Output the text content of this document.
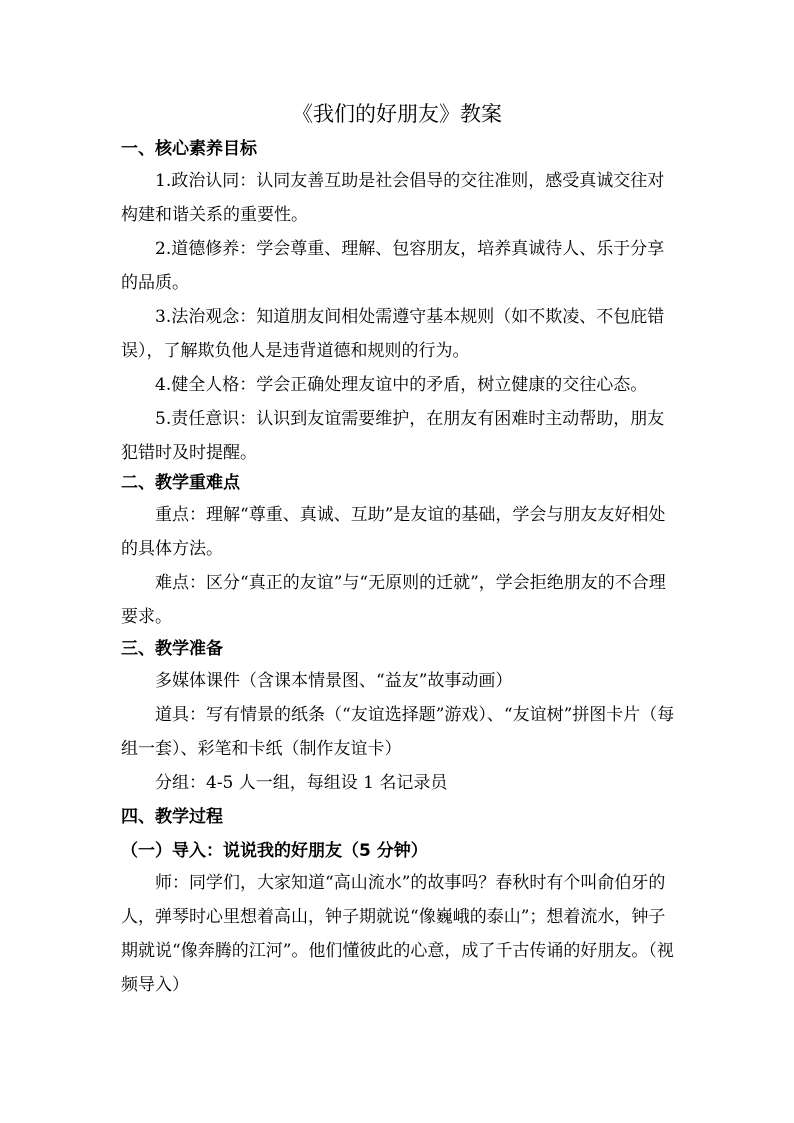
《我们的好朋友》教案
一、核心素养目标

1.政治认同：认同友善互助是社会倡导的交往准则，感受真诚交往对构建和谐关系的重要性。

2.道德修养：学会尊重、理解、包容朋友，培养真诚待人、乐于分享的品质。

3.法治观念：知道朋友间相处需遵守基本规则（如不欺凌、不包庇错误），了解欺负他人是违背道德和规则的行为。

4.健全人格：学会正确处理友谊中的矛盾，树立健康的交往心态。

5.责任意识：认识到友谊需要维护，在朋友有困难时主动帮助，朋友犯错时及时提醒。

二、教学重难点

重点：理解“尊重、真诚、互助”是友谊的基础，学会与朋友友好相处的具体方法。

难点：区分“真正的友谊”与“无原则的迁就”，学会拒绝朋友的不合理要求。

三、教学准备

多媒体课件（含课本情景图、“益友”故事动画）

道具：写有情景的纸条（“友谊选择题”游戏）、“友谊树”拼图卡片（每组一套）、彩笔和卡纸（制作友谊卡）

分组：4-5 人一组，每组设 1 名记录员

四、教学过程
（一）导入：说说我的好朋友（5 分钟）

师：同学们，大家知道“高山流水”的故事吗？春秋时有个叫俞伯牙的人，弹琴时心里想着高山，钟子期就说“像巍峨的泰山”；想着流水，钟子期就说“像奔腾的江河”。他们懂彼此的心意，成了千古传诵的好朋友。（视频导入）
